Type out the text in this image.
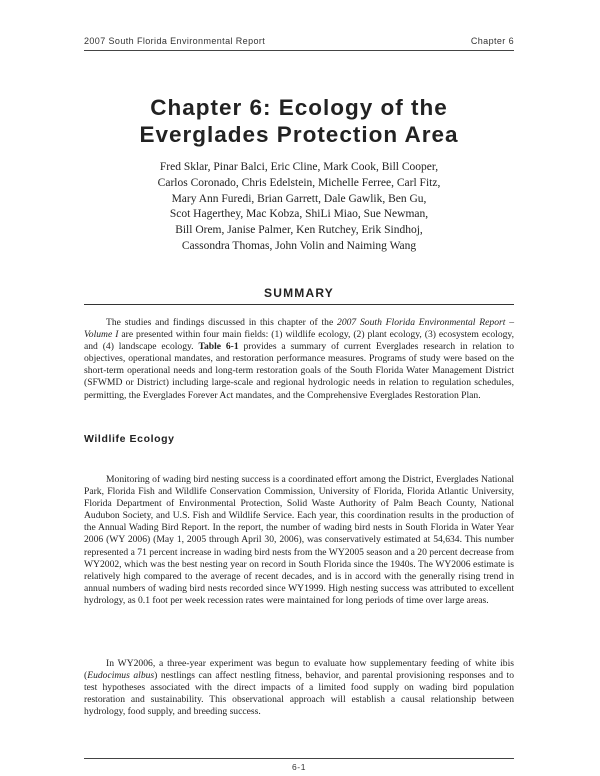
2007 South Florida Environmental Report	Chapter 6
Chapter 6: Ecology of the
Everglades Protection Area
Fred Sklar, Pinar Balci, Eric Cline, Mark Cook, Bill Cooper,
Carlos Coronado, Chris Edelstein, Michelle Ferree, Carl Fitz,
Mary Ann Furedi, Brian Garrett, Dale Gawlik, Ben Gu,
Scot Hagerthey, Mac Kobza, ShiLi Miao, Sue Newman,
Bill Orem, Janise Palmer, Ken Rutchey, Erik Sindhoj,
Cassondra Thomas, John Volin and Naiming Wang
SUMMARY
The studies and findings discussed in this chapter of the 2007 South Florida Environmental Report – Volume I are presented within four main fields: (1) wildlife ecology, (2) plant ecology, (3) ecosystem ecology, and (4) landscape ecology. Table 6-1 provides a summary of current Everglades research in relation to objectives, operational mandates, and restoration performance measures. Programs of study were based on the short-term operational needs and long-term restoration goals of the South Florida Water Management District (SFWMD or District) including large-scale and regional hydrologic needs in relation to regulation schedules, permitting, the Everglades Forever Act mandates, and the Comprehensive Everglades Restoration Plan.
Wildlife Ecology
Monitoring of wading bird nesting success is a coordinated effort among the District, Everglades National Park, Florida Fish and Wildlife Conservation Commission, University of Florida, Florida Atlantic University, Florida Department of Environmental Protection, Solid Waste Authority of Palm Beach County, National Audubon Society, and U.S. Fish and Wildlife Service. Each year, this coordination results in the production of the Annual Wading Bird Report. In the report, the number of wading bird nests in South Florida in Water Year 2006 (WY 2006) (May 1, 2005 through April 30, 2006), was conservatively estimated at 54,634. This number represented a 71 percent increase in wading bird nests from the WY2005 season and a 20 percent decrease from WY2002, which was the best nesting year on record in South Florida since the 1940s. The WY2006 estimate is relatively high compared to the average of recent decades, and is in accord with the generally rising trend in annual numbers of wading bird nests recorded since WY1999. High nesting success was attributed to excellent hydrology, as 0.1 foot per week recession rates were maintained for long periods of time over large areas.
In WY2006, a three-year experiment was begun to evaluate how supplementary feeding of white ibis (Eudocimus albus) nestlings can affect nestling fitness, behavior, and parental provisioning responses and to test hypotheses associated with the direct impacts of a limited food supply on wading bird population restoration and sustainability. This observational approach will establish a causal relationship between hydrology, food supply, and breeding success.
6-1
